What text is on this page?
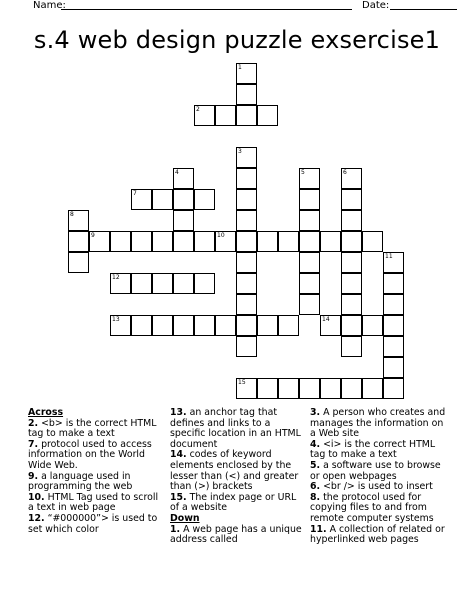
Name:	Date:
s.4 web design puzzle exsercise1
1
2
3
4	5	6
7
8
9	10
11
12
13	14
15
Across

2. <b> is the correct HTML tag to make a text

7. protocol used to access information on the World Wide Web.

9. a language used in programming the web

10. HTML Tag used to scroll a text in web page

12. “#000000”> is used to set which color

13. an anchor tag that defines and links to a specific location in an HTML document

14. codes of keyword elements enclosed by the lesser than (<) and greater than (>) brackets

15. The index page or URL of a website

Down

1. A web page has a unique address called

3. A person who creates and manages the information on a Web site

4. <i> is the correct HTML tag to make a text

5. a software use to browse or open webpages

6. <br /> is used to insert

8. the protocol used for copying files to and from remote computer systems

11. A collection of related or hyperlinked web pages
